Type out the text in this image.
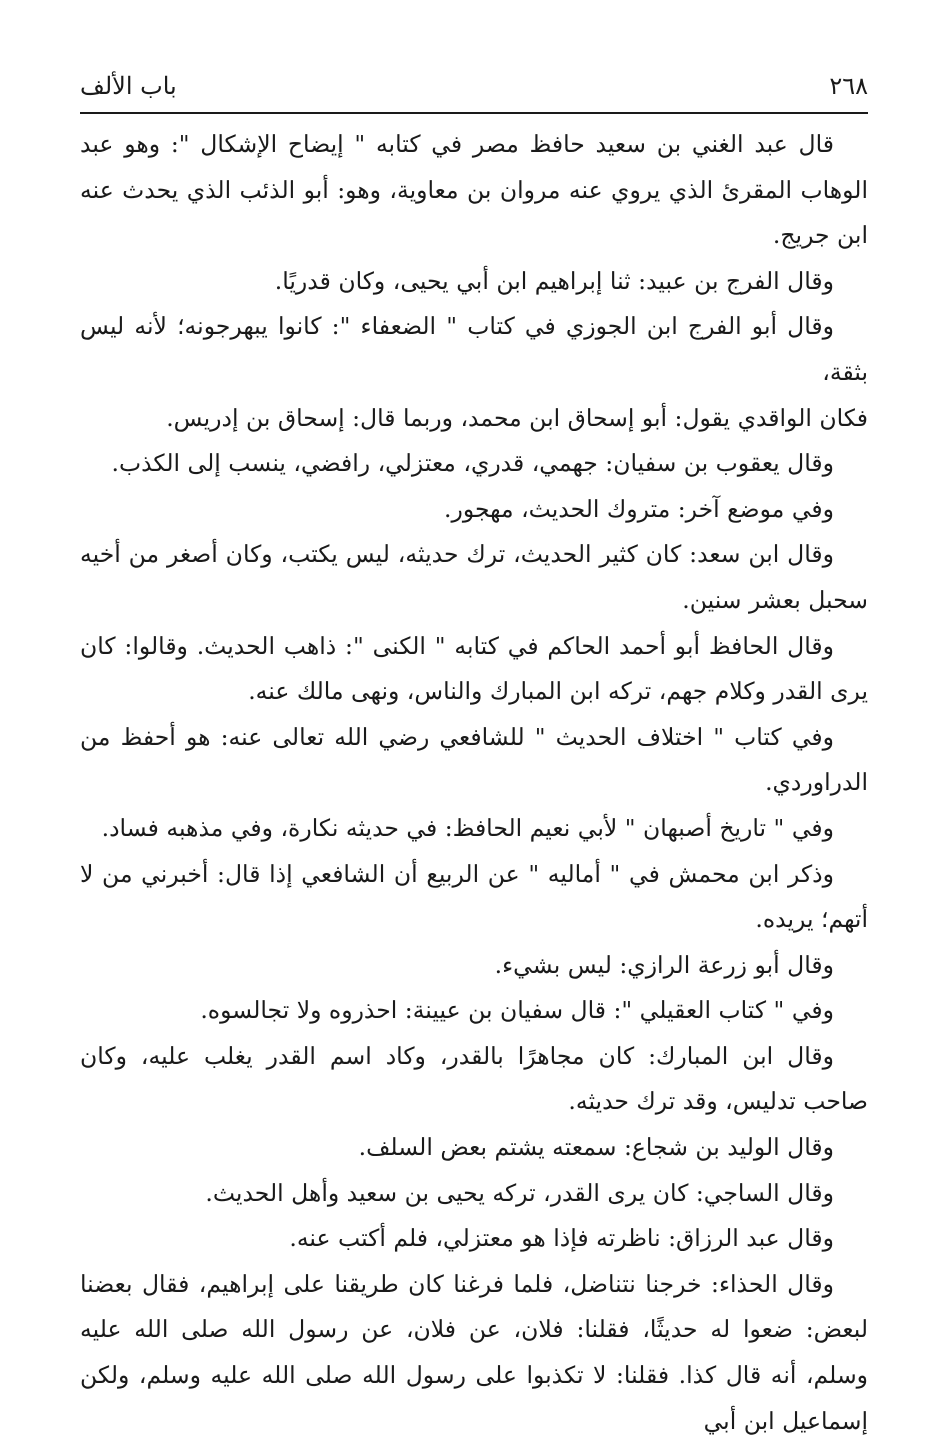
٢٦٨
باب الألف

قال عبد الغني بن سعيد حافظ مصر في كتابه " إيضاح الإشكال ": وهو عبد الوهاب المقرئ الذي يروي عنه مروان بن معاوية، وهو: أبو الذئب الذي يحدث عنه ابن جريج.

وقال الفرج بن عبيد: ثنا إبراهيم ابن أبي يحيى، وكان قدريًا.

وقال أبو الفرج ابن الجوزي في كتاب " الضعفاء ": كانوا يبهرجونه؛ لأنه ليس بثقة،

فكان الواقدي يقول: أبو إسحاق ابن محمد، وربما قال: إسحاق بن إدريس.

وقال يعقوب بن سفيان: جهمي، قدري، معتزلي، رافضي، ينسب إلى الكذب.

وفي موضع آخر: متروك الحديث، مهجور.

وقال ابن سعد: كان كثير الحديث، ترك حديثه، ليس يكتب، وكان أصغر من أخيه سحبل بعشر سنين.

وقال الحافظ أبو أحمد الحاكم في كتابه " الكنى ": ذاهب الحديث. وقالوا: كان يرى القدر وكلام جهم، تركه ابن المبارك والناس، ونهى مالك عنه.

وفي كتاب " اختلاف الحديث " للشافعي رضي الله تعالى عنه: هو أحفظ من الدراوردي.

وفي " تاريخ أصبهان " لأبي نعيم الحافظ: في حديثه نكارة، وفي مذهبه فساد.

وذكر ابن محمش في " أماليه " عن الربيع أن الشافعي إذا قال: أخبرني من لا أتهم؛ يريده.

وقال أبو زرعة الرازي: ليس بشيء.

وفي " كتاب العقيلي ": قال سفيان بن عيينة: احذروه ولا تجالسوه.

وقال ابن المبارك: كان مجاهرًا بالقدر، وكاد اسم القدر يغلب عليه، وكان صاحب تدليس، وقد ترك حديثه.

وقال الوليد بن شجاع: سمعته يشتم بعض السلف.

وقال الساجي: كان يرى القدر، تركه يحيى بن سعيد وأهل الحديث.

وقال عبد الرزاق: ناظرته فإذا هو معتزلي، فلم أكتب عنه.

وقال الحذاء: خرجنا نتناضل، فلما فرغنا كان طريقنا على إبراهيم، فقال بعضنا لبعض: ضعوا له حديثًا، فقلنا: فلان، عن فلان، عن رسول الله صلى الله عليه وسلم، أنه قال كذا. فقلنا: لا تكذبوا على رسول الله صلى الله عليه وسلم، ولكن إسماعيل ابن أبي
